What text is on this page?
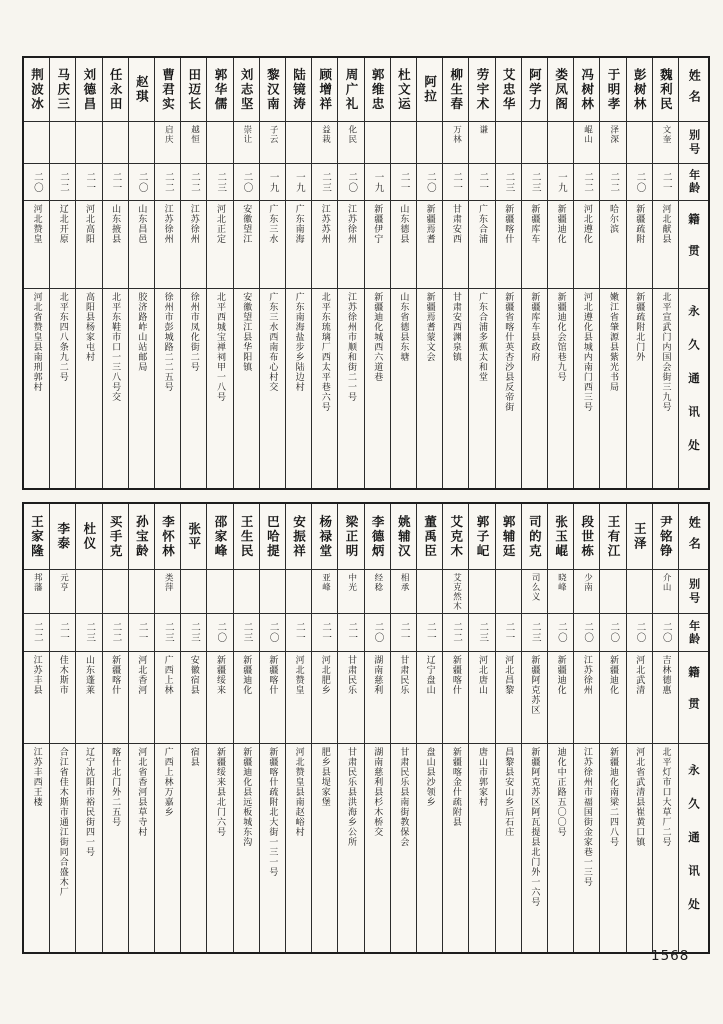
姓名
别号
年龄
籍贯
永久通讯处
魏利民
文奎
二一
河北献县
北平宣武门内国会街三九号
彭树林
二〇
新疆疏附
新疆疏附北门外
于明孝
泽深
二二
哈尔滨
嫩江省肇源县紫光书局
冯树林
崐山
二二
河北遵化
河北遵化县城内南门西三号
娄凤阁
一九
新疆迪化
新疆迪化会馆巷九号
阿学力
二三
新疆库车
新疆库车县政府
艾忠华
二三
新疆喀什
新疆省喀什英杏沙县反帝街
劳宇术
谦
二一
广东合浦
广东合浦多蕉太和堂
柳生春
万林
二一
甘肃安西
甘肃安西渊泉镇
阿拉
二〇
新疆焉耆
新疆焉耆蒙文会
杜文运
二一
山东德县
山东省德县东塘
郭维忠
一九
新疆伊宁
新疆迪化城西六道巷
周广礼
化民
二〇
江苏徐州
江苏徐州市顺和街二一号
顾增祥
益栽
二三
江苏苏州
北平东琉璃厂西太平巷六号
陆镜涛
一九
广东南海
广东南海盐步乡陆边村
黎汉南
子云
一九
广东三水
广东三水西南布心村交
刘志坚
崇让
二〇
安徽望江
安徽望江县华阳镇
郭华儒
二三
河北正定
北平西城宝禅祠甲一八号
田迈长
越恒
二二
江苏徐州
徐州市凤化街二号
曹君实
启庆
二二
江苏徐州
徐州市彭城路二二五号
赵琪
二〇
山东昌邑
胶济路岞山站邮局
任永田
二一
山东掖县
北平东鞋市口一三八号交
刘德昌
二一
河北高阳
高阳县杨家屯村
马庆三
二二
辽北开原
北平东四八条九二号
荆波冰
二〇
河北赞皇
河北省赞皇县南刑郭村
姓名
别号
年龄
籍贯
永久通讯处
尹铭铮
介山
二〇
吉林德惠
北平灯市口大草厂二号
王泽
二〇
河北武清
河北省武清县崔黄口镇
王有江
二〇
新疆迪化
新疆迪化南梁二四八号
段世栋
少南
二〇
江苏徐州
江苏徐州市福国街金家巷一三号
张玉崐
晓峰
二〇
新疆迪化
迪化中正路五〇〇号
司的克
司么义
二三
新疆阿克苏区
新疆阿克苏区阿瓦提县北门外一六号
郭辅廷
二一
河北昌黎
昌黎县安山乡后石庄
郭子屺
二三
河北唐山
唐山市郭家村
艾克木
艾克然木
二二
新疆喀什
新疆喀金什疏附县
董禹臣
二一
辽宁盘山
盘山县沙领乡
姚辅汉
相承
二一
甘肃民乐
甘肃民乐县南街教保会
李德炳
经稔
二〇
湖南慈利
湖南慈利县杉木桥交
梁正明
中光
二一
甘肃民乐
甘肃民乐县洪海乡公所
杨禄堂
亚峰
二一
河北肥乡
肥乡县堤家堡
安振祥
二一
河北赞皇
河北赞皇县南赵峪村
巴哈提
二〇
新疆喀什
新疆喀什疏附北大街一三一号
王生民
二三
新疆迪化
新疆迪化县远板城东沟
邵家峰
二〇
新疆绥来
新疆绥来县北门六号
张平
二三
安徽宿县
宿县
李怀林
类萍
二三
广西上林
广西上林万嘉乡
孙宝龄
二一
河北香河
河北省香河县草寺村
买手克
二二
新疆喀什
喀什北门外二五号
杜仪
二三
山东蓬莱
辽宁沈阳市裕民街四一号
李泰
元亨
二一
佳木斯市
合江省佳木斯市通江街同合盛木厂
王家隆
邦藩
二二
江苏丰县
江苏丰西王楼
1568
